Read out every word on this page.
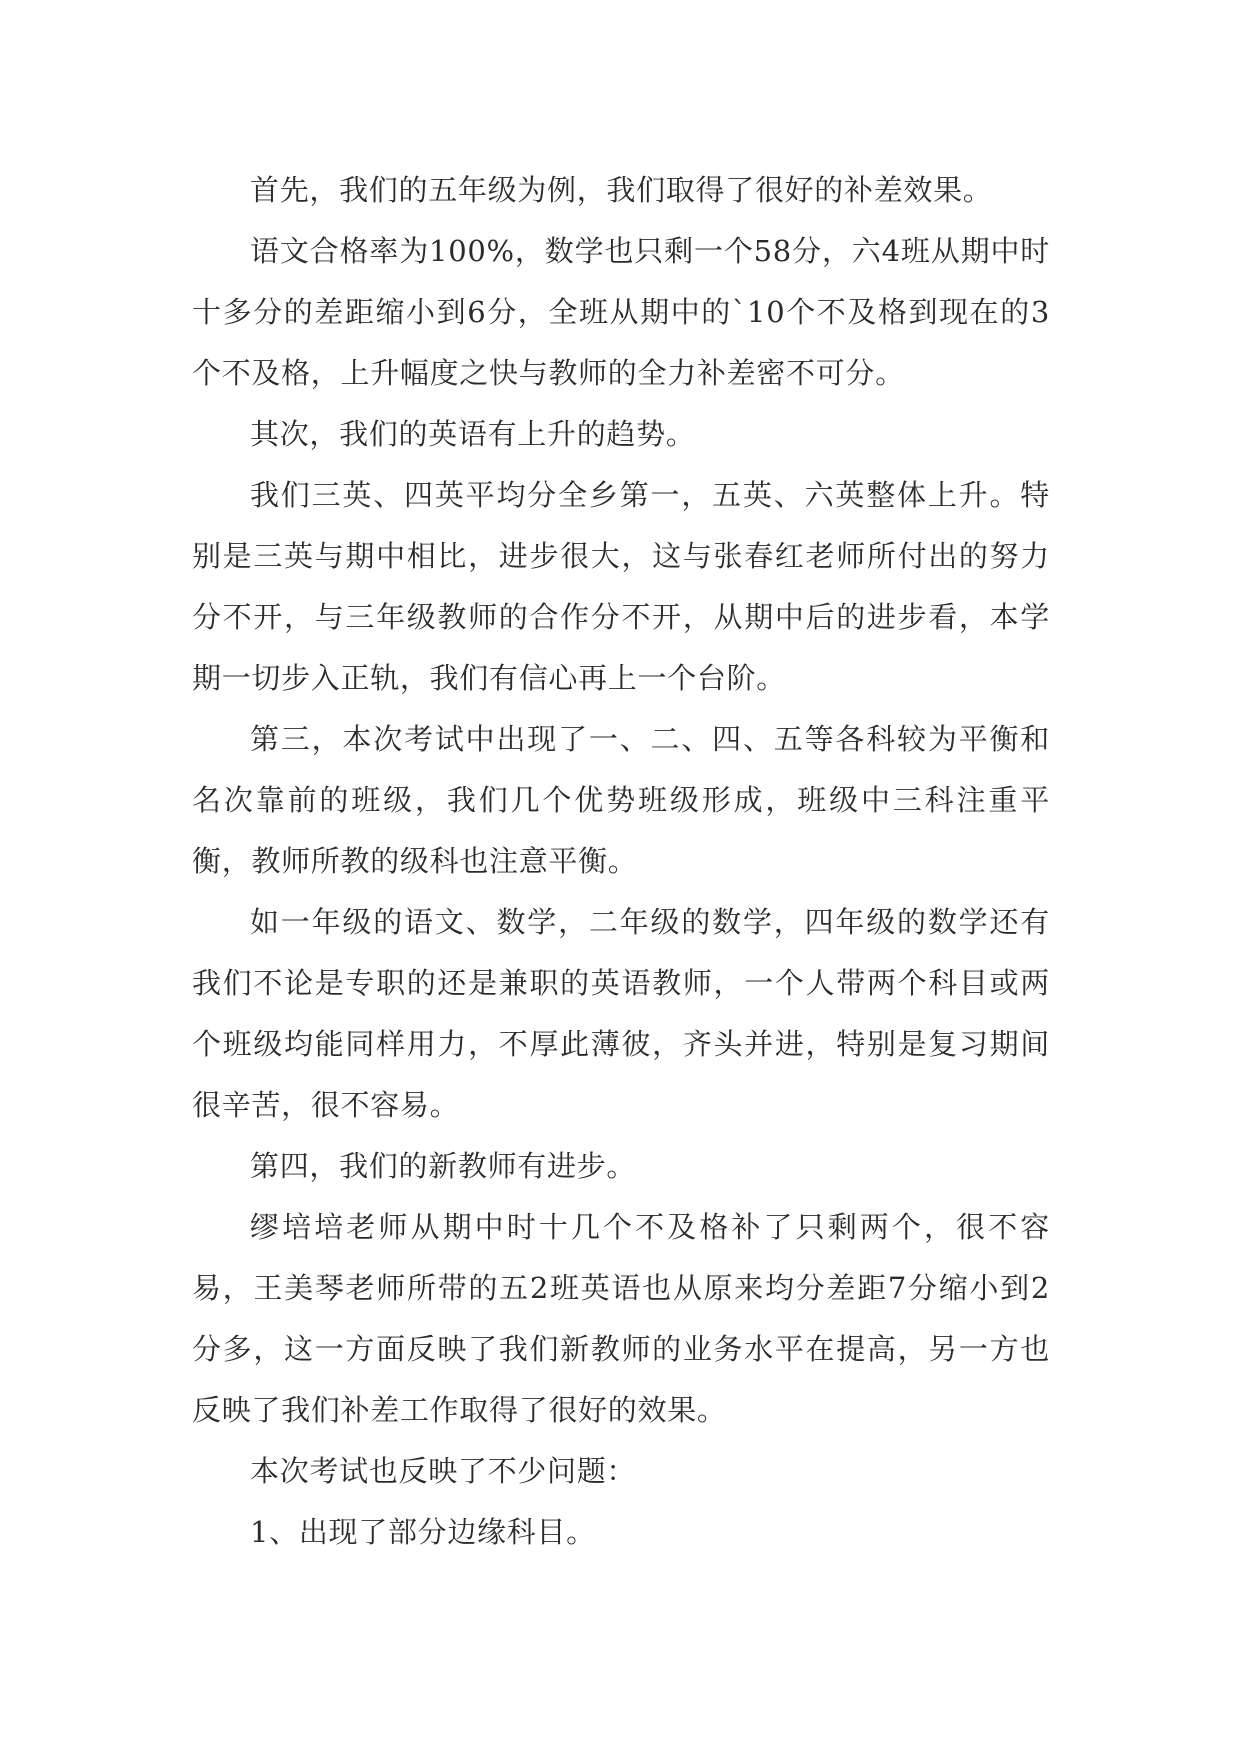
首先，我们的五年级为例，我们取得了很好的补差效果。

语文合格率为100%，数学也只剩一个58分，六4班从期中时十多分的差距缩小到6分，全班从期中的`10个不及格到现在的3个不及格，上升幅度之快与教师的全力补差密不可分。

其次，我们的英语有上升的趋势。

我们三英、四英平均分全乡第一，五英、六英整体上升。特别是三英与期中相比，进步很大，这与张春红老师所付出的努力分不开，与三年级教师的合作分不开，从期中后的进步看，本学期一切步入正轨，我们有信心再上一个台阶。

第三，本次考试中出现了一、二、四、五等各科较为平衡和名次靠前的班级，我们几个优势班级形成，班级中三科注重平衡，教师所教的级科也注意平衡。

如一年级的语文、数学，二年级的数学，四年级的数学还有我们不论是专职的还是兼职的英语教师，一个人带两个科目或两个班级均能同样用力，不厚此薄彼，齐头并进，特别是复习期间很辛苦，很不容易。

第四，我们的新教师有进步。

缪培培老师从期中时十几个不及格补了只剩两个，很不容易，王美琴老师所带的五2班英语也从原来均分差距7分缩小到2分多，这一方面反映了我们新教师的业务水平在提高，另一方也反映了我们补差工作取得了很好的效果。

本次考试也反映了不少问题：

1、出现了部分边缘科目。
